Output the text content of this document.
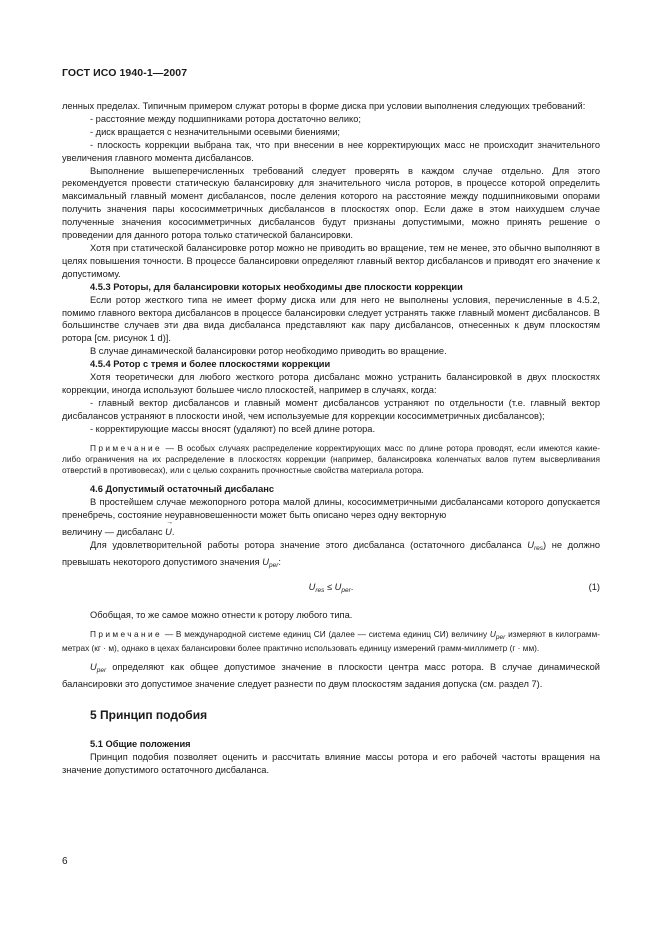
ГОСТ ИСО 1940-1—2007

ленных пределах. Типичным примером служат роторы в форме диска при условии выполнения следующих требований:

- расстояние между подшипниками ротора достаточно велико;

- диск вращается с незначительными осевыми биениями;

- плоскость коррекции выбрана так, что при внесении в нее корректирующих масс не происходит значительного увеличения главного момента дисбалансов.

Выполнение вышеперечисленных требований следует проверять в каждом случае отдельно. Для этого рекомендуется провести статическую балансировку для значительного числа роторов, в процессе которой определить максимальный главный момент дисбалансов, после деления которого на расстояние между подшипниковыми опорами получить значения пары кососимметричных дисбалансов в плоскостях опор. Если даже в этом наихудшем случае полученные значения кососимметричных дисбалансов будут признаны допустимыми, можно принять решение о проведении для данного ротора только статической балансировки.

Хотя при статической балансировке ротор можно не приводить во вращение, тем не менее, это обычно выполняют в целях повышения точности. В процессе балансировки определяют главный вектор дисбалансов и приводят его значение к допустимому.

4.5.3 Роторы, для балансировки которых необходимы две плоскости коррекции

Если ротор жесткого типа не имеет форму диска или для него не выполнены условия, перечисленные в 4.5.2, помимо главного вектора дисбалансов в процессе балансировки следует устранять также главный момент дисбалансов. В большинстве случаев эти два вида дисбаланса представляют как пару дисбалансов, отнесенных к двум плоскостям ротора [см. рисунок 1 d)].

В случае динамической балансировки ротор необходимо приводить во вращение.

4.5.4 Ротор с тремя и более плоскостями коррекции

Хотя теоретически для любого жесткого ротора дисбаланс можно устранить балансировкой в двух плоскостях коррекции, иногда используют большее число плоскостей, например в случаях, когда:

- главный вектор дисбалансов и главный момент дисбалансов устраняют по отдельности (т.е. главный вектор дисбалансов устраняют в плоскости иной, чем используемые для коррекции кососимметричных дисбалансов);

- корректирующие массы вносят (удаляют) по всей длине ротора.

Примечание — В особых случаях распределение корректирующих масс по длине ротора проводят, если имеются какие-либо ограничения на их распределение в плоскостях коррекции (например, балансировка коленчатых валов путем высверливания отверстий в противовесах), или с целью сохранить прочностные свойства материала ротора.

4.6 Допустимый остаточный дисбаланс

В простейшем случае межопорного ротора малой длины, кососимметричными дисбалансами которого допускается пренебречь, состояние неуравновешенности может быть описано через одну векторную

величину — дисбаланс
→
U.

Для удовлетворительной работы ротора значение этого дисбаланса (остаточного дисбаланса $U_{res}$) не должно превышать некоторого допустимого значения $U_{per}$:

$U_{res} \le U_{per}$.	(1)

Обобщая, то же самое можно отнести к ротору любого типа.

Примечание — В международной системе единиц СИ (далее — система единиц СИ) величину $U_{per}$ измеряют в килограмм-метрах (кг · м), однако в цехах балансировки более практично использовать единицу измерений грамм-миллиметр (г · мм).

$U_{per}$ определяют как общее допустимое значение в плоскости центра масс ротора. В случае динамической балансировки это допустимое значение следует разнести по двум плоскостям задания допуска (см. раздел 7).

5 Принцип подобия

5.1 Общие положения

Принцип подобия позволяет оценить и рассчитать влияние массы ротора и его рабочей частоты вращения на значение допустимого остаточного дисбаланса.

6
